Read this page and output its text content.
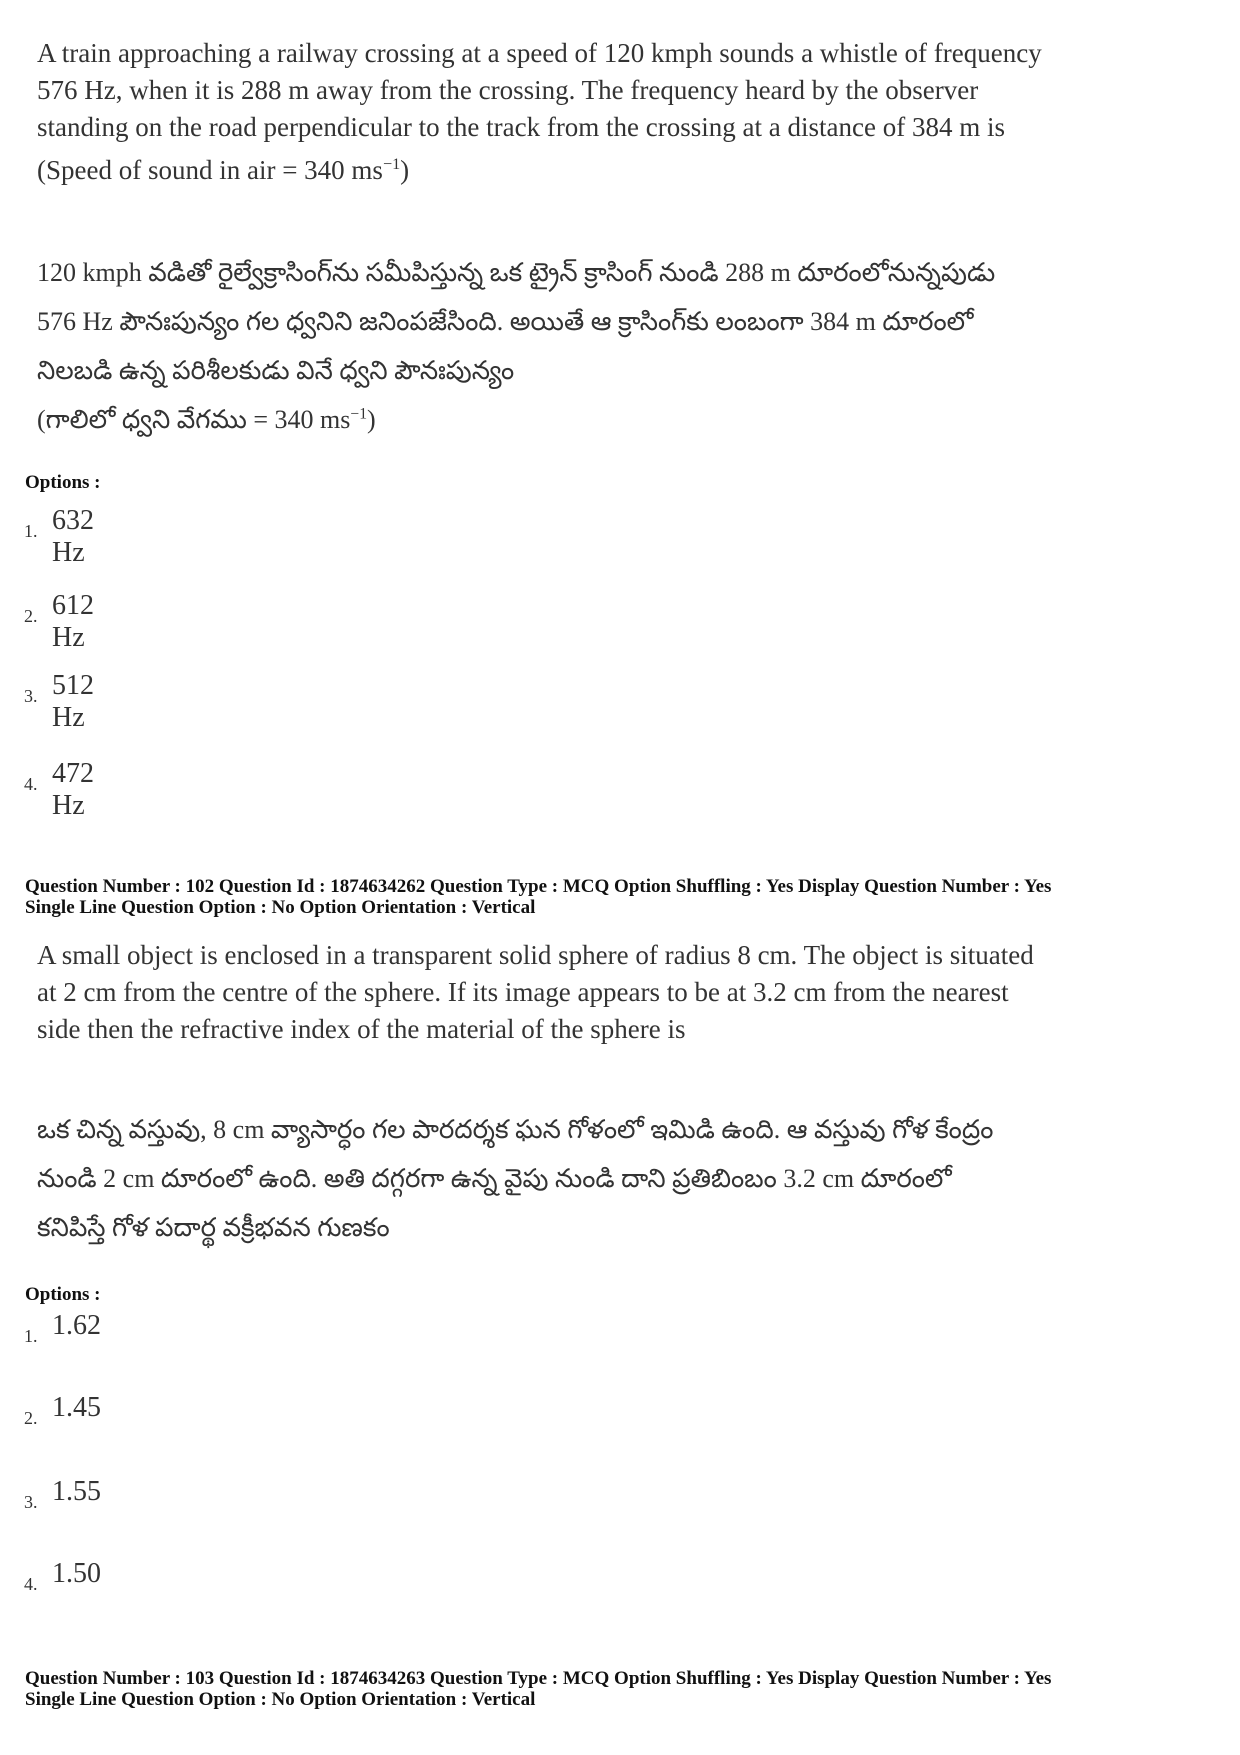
A train approaching a railway crossing at a speed of 120 kmph sounds a whistle of frequency
576 Hz, when it is 288 m away from the crossing. The frequency heard by the observer
standing on the road perpendicular to the track from the crossing at a distance of 384 m is
(Speed of sound in air = 340 $ms^{-1}$)
120 kmph వడితో రైల్వేక్రాసింగ్‌ను సమీపిస్తున్న ఒక ట్రైన్ క్రాసింగ్ నుండి 288 m దూరంలోనున్నపుడు
576 Hz పౌనఃపున్యం గల ధ్వనిని జనింపజేసింది. అయితే ఆ క్రాసింగ్‌కు లంబంగా 384 m దూరంలో
నిలబడి ఉన్న పరిశీలకుడు వినే ధ్వని పౌనఃపున్యం
(గాలిలో ధ్వని వేగము = 340 $ms^{-1}$)
Options :
1. 632 Hz
2. 612 Hz
3. 512 Hz
4. 472 Hz
Question Number : 102 Question Id : 1874634262 Question Type : MCQ Option Shuffling : Yes Display Question Number : Yes
Single Line Question Option : No Option Orientation : Vertical
A small object is enclosed in a transparent solid sphere of radius 8 cm. The object is situated
at 2 cm from the centre of the sphere. If its image appears to be at 3.2 cm from the nearest
side then the refractive index of the material of the sphere is
ఒక చిన్న వస్తువు, 8 cm వ్యాసార్ధం గల పారదర్శక ఘన గోళంలో ఇమిడి ఉంది. ఆ వస్తువు గోళ కేంద్రం
నుండి 2 cm దూరంలో ఉంది. అతి దగ్గరగా ఉన్న వైపు నుండి దాని ప్రతిబింబం 3.2 cm దూరంలో
కనిపిస్తే గోళ పదార్థ వక్రీభవన గుణకం
Options :
1. 1.62
2. 1.45
3. 1.55
4. 1.50
Question Number : 103 Question Id : 1874634263 Question Type : MCQ Option Shuffling : Yes Display Question Number : Yes
Single Line Question Option : No Option Orientation : Vertical
